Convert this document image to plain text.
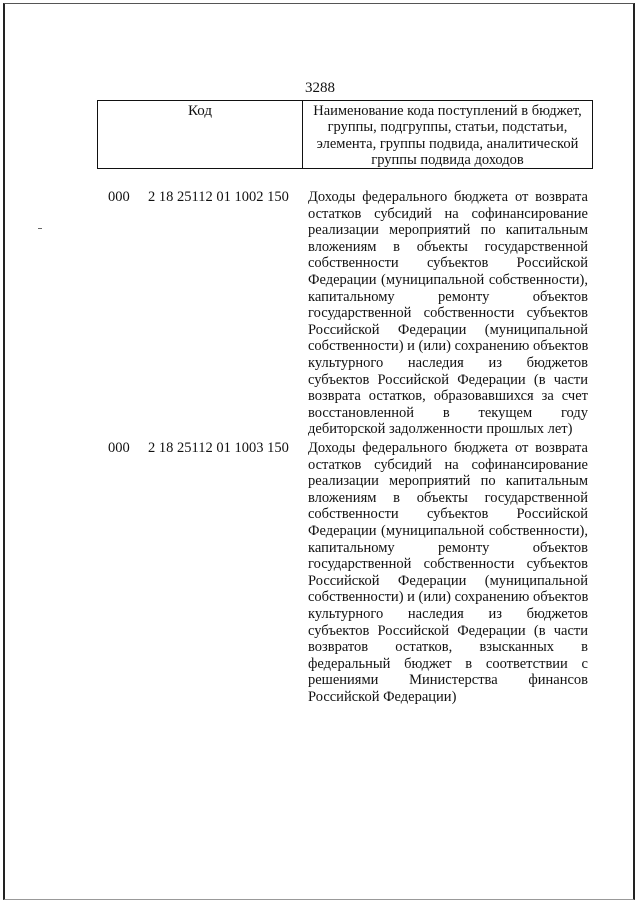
3288
Код	Наименование кода поступлений в бюджет,
группы, подгруппы, статьи, подстатьи,
элемента, группы подвида, аналитической
группы подвида доходов
000 2 18 25112 01 1002 150 Доходы федерального бюджета от возврата
остатков субсидий на софинансирование
реализации мероприятий по капитальным
вложениям в объекты государственной
собственности субъектов Российской
Федерации (муниципальной собственности),
капитальному ремонту объектов
государственной собственности субъектов
Российской Федерации (муниципальной
собственности) и (или) сохранению объектов
культурного наследия из бюджетов
субъектов Российской Федерации (в части
возврата остатков, образовавшихся за счет
восстановленной в текущем году
дебиторской задолженности прошлых лет)
000 2 18 25112 01 1003 150 Доходы федерального бюджета от возврата
остатков субсидий на софинансирование
реализации мероприятий по капитальным
вложениям в объекты государственной
собственности субъектов Российской
Федерации (муниципальной собственности),
капитальному ремонту объектов
государственной собственности субъектов
Российской Федерации (муниципальной
собственности) и (или) сохранению объектов
культурного наследия из бюджетов
субъектов Российской Федерации (в части
возвратов остатков, взысканных в
федеральный бюджет в соответствии с
решениями Министерства финансов
Российской Федерации)
